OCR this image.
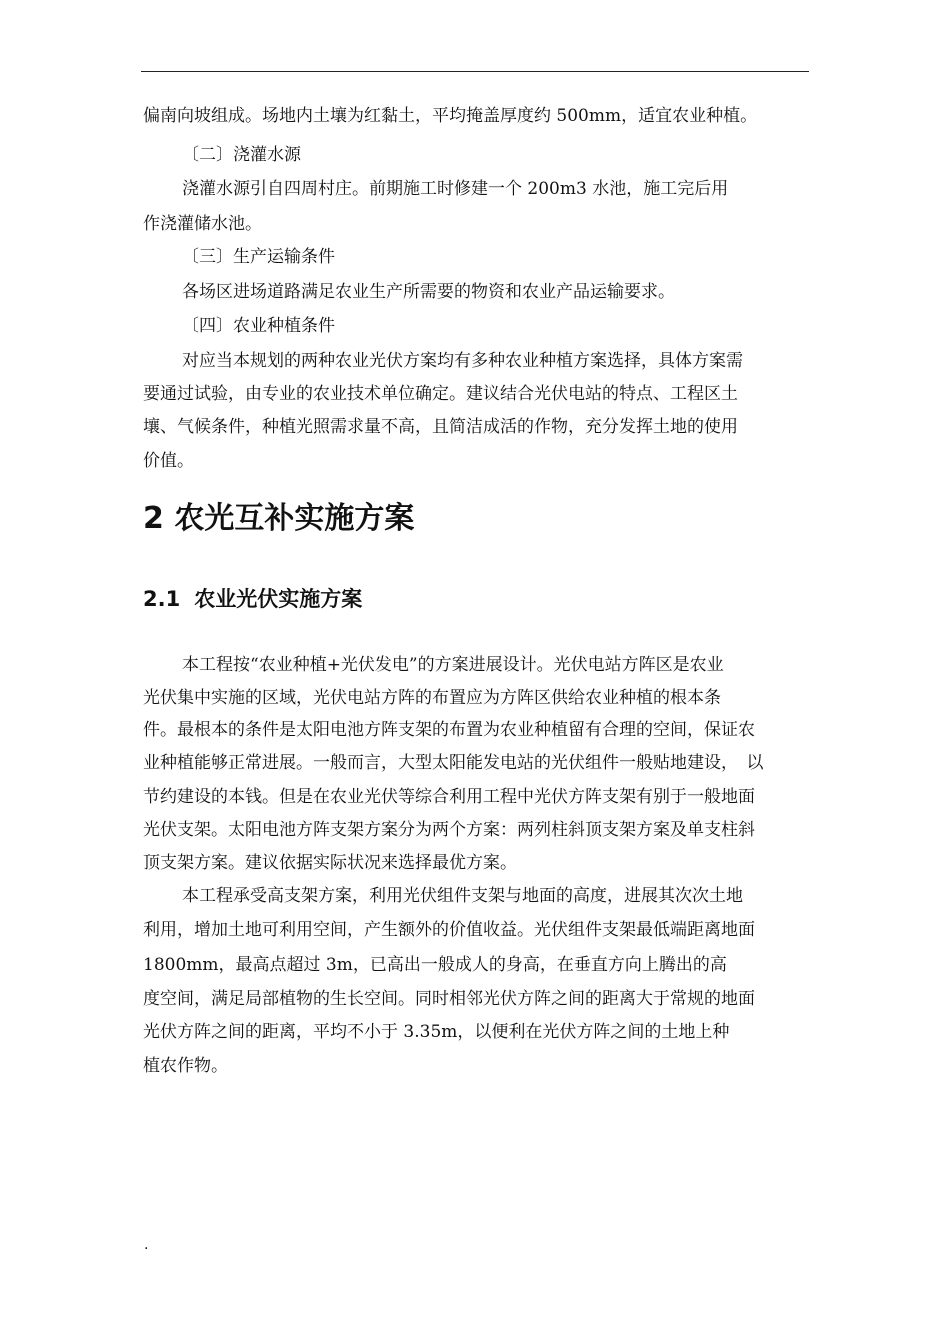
偏南向坡组成。场地内土壤为红黏土，平均掩盖厚度约 500mm，适宜农业种植。
〔二〕浇灌水源
浇灌水源引自四周村庄。前期施工时修建一个 200m3 水池，施工完后用
作浇灌储水池。
〔三〕生产运输条件
各场区进场道路满足农业生产所需要的物资和农业产品运输要求。
〔四〕农业种植条件
对应当本规划的两种农业光伏方案均有多种农业种植方案选择，具体方案需
要通过试验，由专业的农业技术单位确定。建议结合光伏电站的特点、工程区土
壤、气候条件，种植光照需求量不高，且简洁成活的作物，充分发挥土地的使用
价值。
2 农光互补实施方案
2.1 农业光伏实施方案
本工程按“农业种植+光伏发电”的方案进展设计。光伏电站方阵区是农业
光伏集中实施的区域，光伏电站方阵的布置应为方阵区供给农业种植的根本条
件。最根本的条件是太阳电池方阵支架的布置为农业种植留有合理的空间，保证农
业种植能够正常进展。一般而言，大型太阳能发电站的光伏组件一般贴地建设，　以
节约建设的本钱。但是在农业光伏等综合利用工程中光伏方阵支架有别于一般地面
光伏支架。太阳电池方阵支架方案分为两个方案：两列柱斜顶支架方案及单支柱斜
顶支架方案。建议依据实际状况来选择最优方案。
本工程承受高支架方案，利用光伏组件支架与地面的高度，进展其次次土地
利用，增加土地可利用空间，产生额外的价值收益。光伏组件支架最低端距离地面
1800mm，最高点超过 3m，已高出一般成人的身高，在垂直方向上腾出的高
度空间，满足局部植物的生长空间。同时相邻光伏方阵之间的距离大于常规的地面
光伏方阵之间的距离，平均不小于 3.35m，以便利在光伏方阵之间的土地上种
植农作物。
.
